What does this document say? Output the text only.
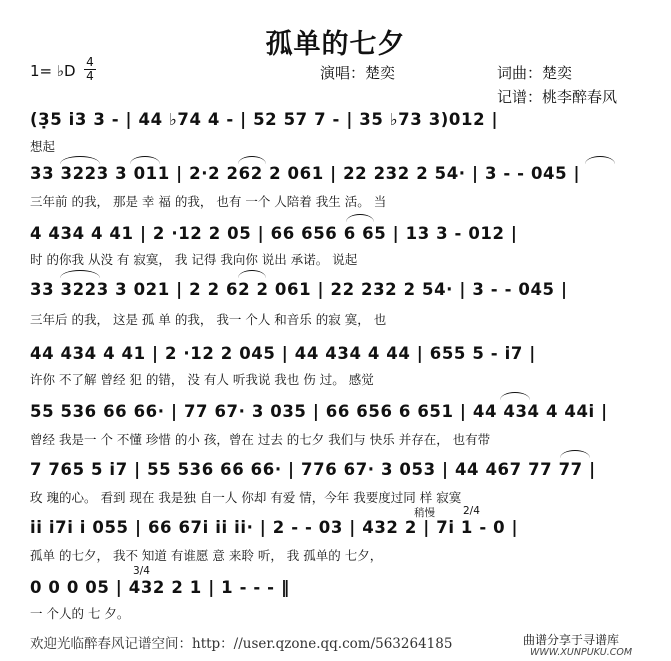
孤单的七夕
1= ♭D 4
4	演唱：楚奕	词曲：楚奕
记谱：桃李醉春风
(3̣5 i3 3 - | 44 ♭74 4 - | 52 57 7 - | 35 ♭73 3)012 |
想起
33 3223 3 011 | 2·2 262 2 061 | 22 232 2 54· | 3 - - 045 |
三年前 的我， 那是 幸 福 的我， 也有 一个 人陪着 我生 活。 当
4 434 4 41 | 2 ·12 2 05 | 66 656 6 65 | 13 3 - 012 |
时 的你我 从没 有 寂寞， 我 记得 我向你 说出 承诺。 说起
33 3223 3 021 | 2 2 62 2 061 | 22 232 2 54· | 3 - - 045 |
三年后 的我， 这是 孤 单 的我， 我一 个人 和音乐 的寂 寞， 也
44 434 4 41 | 2 ·12 2 045 | 44 434 4 44 | 655 5 - i7 |
许你 不了解 曾经 犯 的错， 没 有人 听我说 我也 伤 过。 感觉
55 536 66 66· | 77 67· 3 035 | 66 656 6 651 | 44 434 4 44i |
曾经 我是一 个 不懂 珍惜 的小 孩，曾在 过去 的七夕 我们与 快乐 并存在， 也有带
7 765 5 i7 | 55 536 66 66· | 776 67· 3 053 | 44 467 77 77 |
玫 瑰的心。 看到 现在 我是独 自一人 你却 有爱 情，今年 我要度过同 样 寂寞
稍慢	2/4
ii i7i i 055 | 66 67i ii ii· | 2 - - 03 | 432 2 | 7i 1 - 0 |
孤单 的七夕， 我不 知道 有谁愿 意 来聆 听， 我 孤单的 七夕，
3/4
0 0 0 05 | 432 2 1 | 1 - - - ‖
一 个人的 七 夕。
欢迎光临醉春风记谱空间：http：//user.qzone.qq.com/563264185	曲谱分享于寻谱库
WWW.XUNPUKU.COM
